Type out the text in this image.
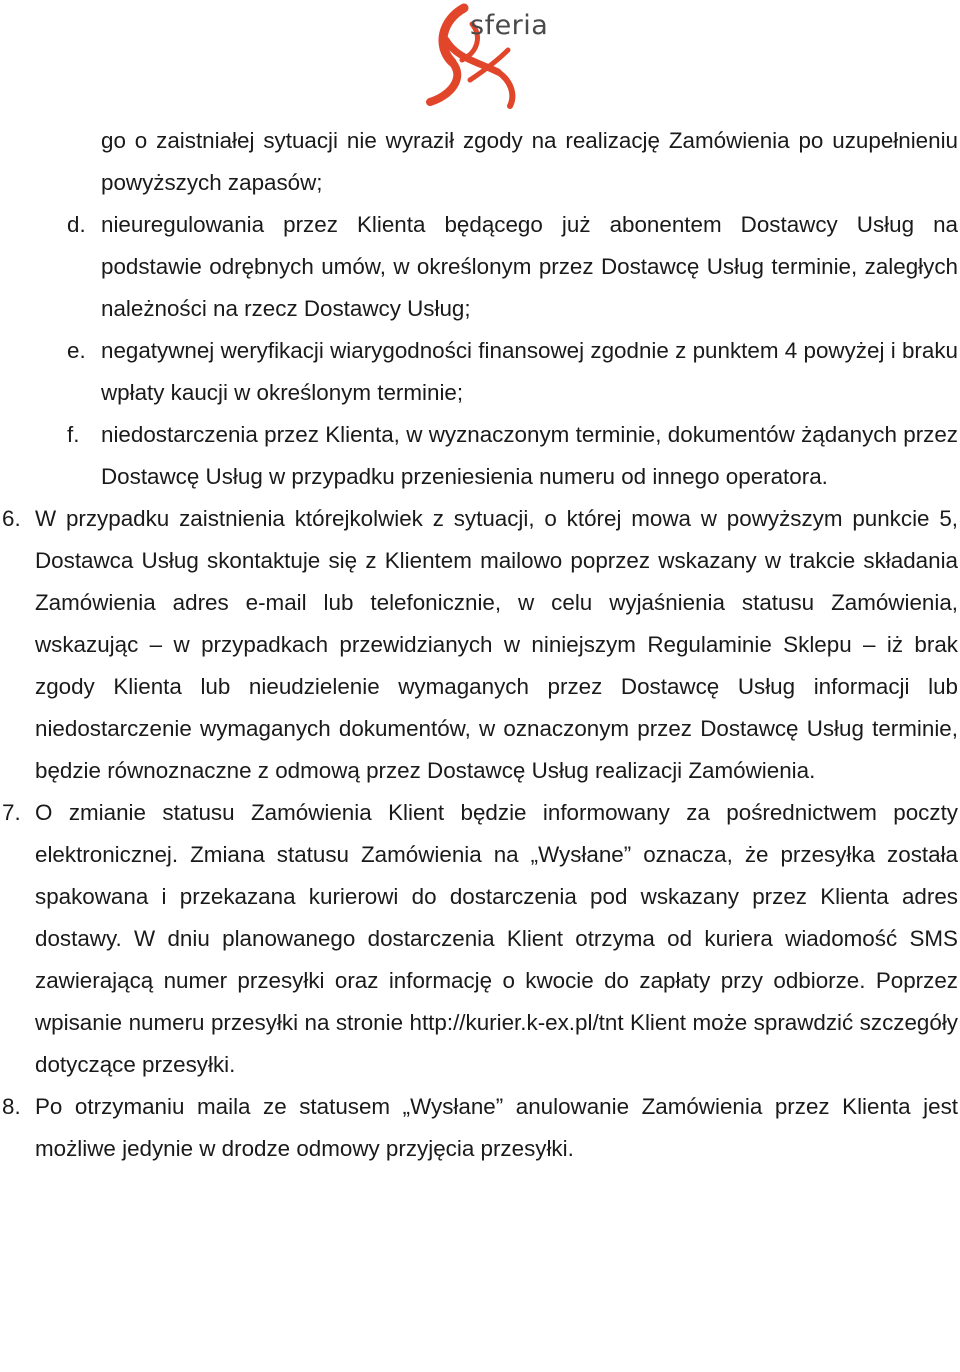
sferia

go o zaistniałej sytuacji nie wyraził zgody na realizację Zamówienia po uzupełnieniu powyższych zapasów;

d. nieuregulowania przez Klienta będącego już abonentem Dostawcy Usług na podstawie odrębnych umów, w określonym przez Dostawcę Usług terminie, zaległych należności na rzecz Dostawcy Usług;
e. negatywnej weryfikacji wiarygodności finansowej zgodnie z punktem 4 powyżej i braku wpłaty kaucji w określonym terminie;
f. niedostarczenia przez Klienta, w wyznaczonym terminie, dokumentów żądanych przez Dostawcę Usług w przypadku przeniesienia numeru od innego operatora.
6. W przypadku zaistnienia którejkolwiek z sytuacji, o której mowa w powyższym punkcie 5, Dostawca Usług skontaktuje się z Klientem mailowo poprzez wskazany w trakcie składania Zamówienia adres e-mail lub telefonicznie, w celu wyjaśnienia statusu Zamówienia, wskazując – w przypadkach przewidzianych w niniejszym Regulaminie Sklepu – iż brak zgody Klienta lub nieudzielenie wymaganych przez Dostawcę Usług informacji lub niedostarczenie wymaganych dokumentów, w oznaczonym przez Dostawcę Usług terminie, będzie równoznaczne z odmową przez Dostawcę Usług realizacji Zamówienia.
7. O zmianie statusu Zamówienia Klient będzie informowany za pośrednictwem poczty elektronicznej. Zmiana statusu Zamówienia na „Wysłane” oznacza, że przesyłka została spakowana i przekazana kurierowi do dostarczenia pod wskazany przez Klienta adres dostawy. W dniu planowanego dostarczenia Klient otrzyma od kuriera wiadomość SMS zawierającą numer przesyłki oraz informację o kwocie do zapłaty przy odbiorze. Poprzez wpisanie numeru przesyłki na stronie http://kurier.k-ex.pl/tnt Klient może sprawdzić szczegóły dotyczące przesyłki.
8. Po otrzymaniu maila ze statusem „Wysłane” anulowanie Zamówienia przez Klienta jest możliwe jedynie w drodze odmowy przyjęcia przesyłki.
